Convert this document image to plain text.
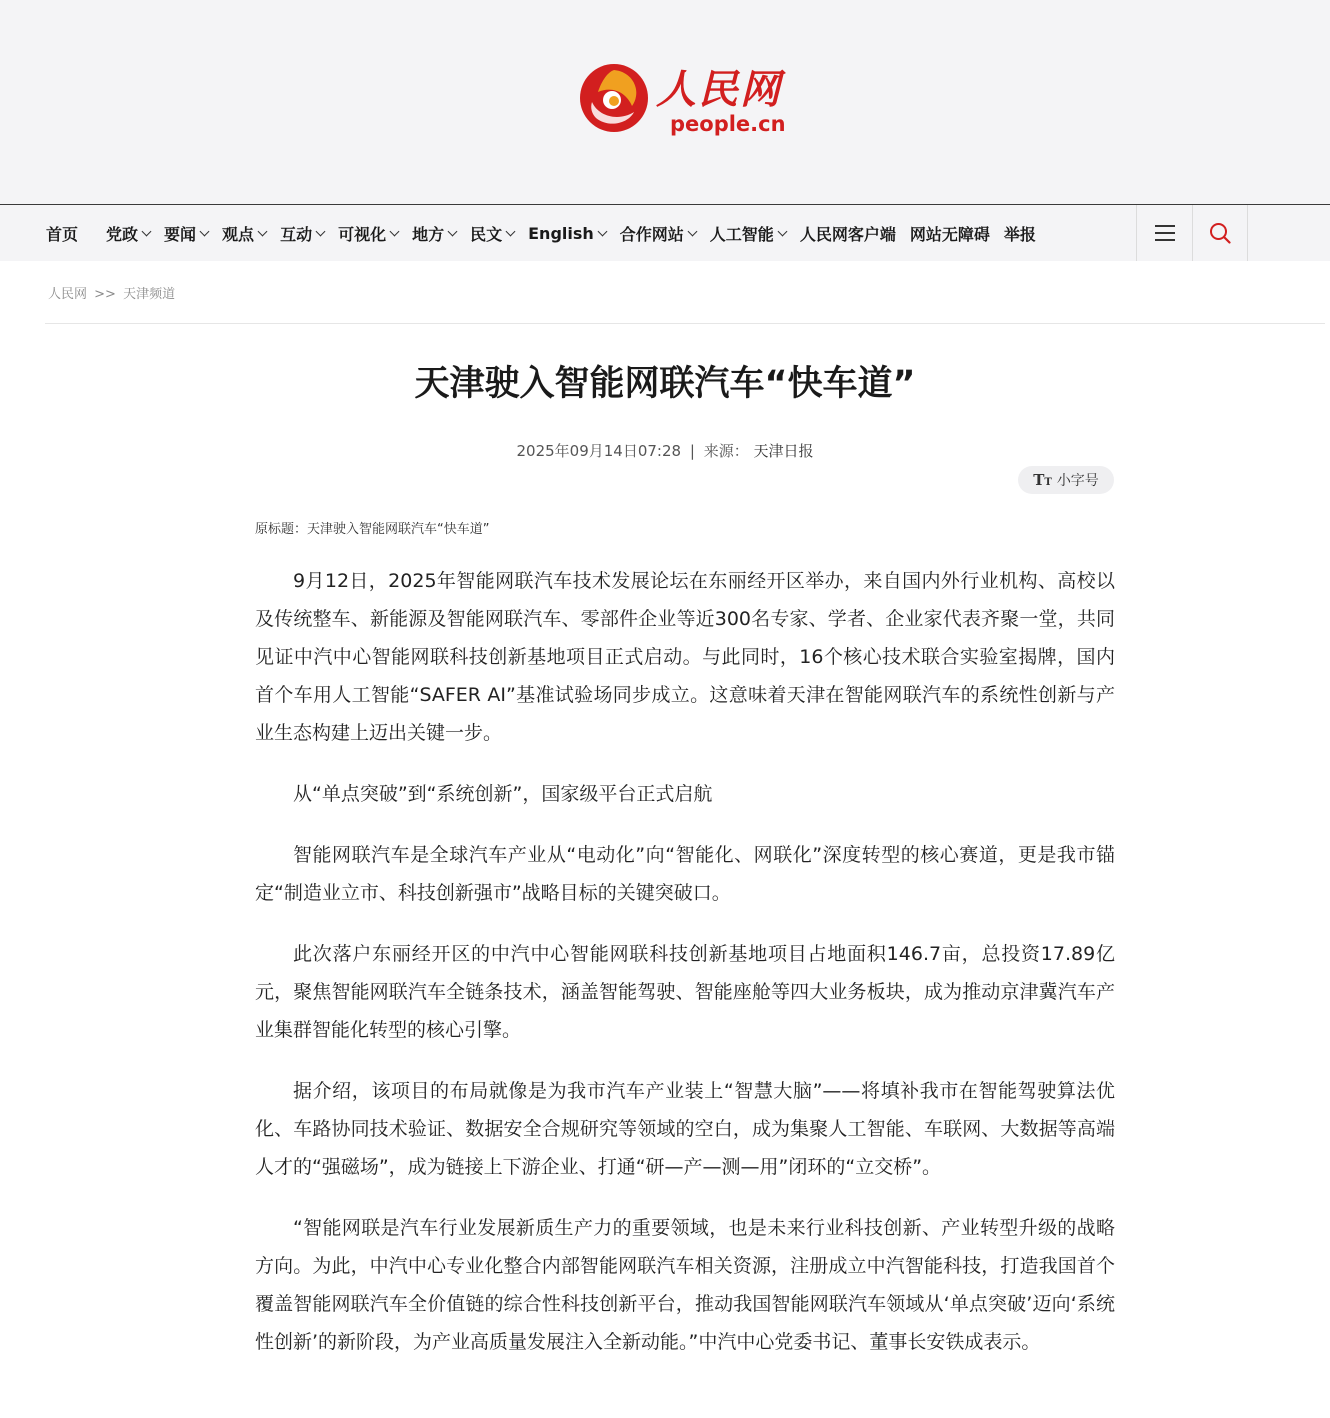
人民网
people.cn
首页 党政 要闻 观点 互动 可视化 地方 民文 English 合作网站 人工智能 人民网客户端 网站无障碍 举报
人民网 >> 天津频道
天津驶入智能网联汽车“快车道”
2025年09月14日07:28 | 来源： 天津日报
TT 小字号
原标题：天津驶入智能网联汽车“快车道”

9月12日，2025年智能网联汽车技术发展论坛在东丽经开区举办，来自国内外行业机构、高校以及传统整车、新能源及智能网联汽车、零部件企业等近300名专家、学者、企业家代表齐聚一堂，共同见证中汽中心智能网联科技创新基地项目正式启动。与此同时，16个核心技术联合实验室揭牌，国内首个车用人工智能“SAFER AI”基准试验场同步成立。这意味着天津在智能网联汽车的系统性创新与产业生态构建上迈出关键一步。

从“单点突破”到“系统创新”，国家级平台正式启航

智能网联汽车是全球汽车产业从“电动化”向“智能化、网联化”深度转型的核心赛道，更是我市锚定“制造业立市、科技创新强市”战略目标的关键突破口。

此次落户东丽经开区的中汽中心智能网联科技创新基地项目占地面积146.7亩，总投资17.89亿元，聚焦智能网联汽车全链条技术，涵盖智能驾驶、智能座舱等四大业务板块，成为推动京津冀汽车产业集群智能化转型的核心引擎。

据介绍，该项目的布局就像是为我市汽车产业装上“智慧大脑”——将填补我市在智能驾驶算法优化、车路协同技术验证、数据安全合规研究等领域的空白，成为集聚人工智能、车联网、大数据等高端人才的“强磁场”，成为链接上下游企业、打通“研—产—测—用”闭环的“立交桥”。

“智能网联是汽车行业发展新质生产力的重要领域，也是未来行业科技创新、产业转型升级的战略方向。为此，中汽中心专业化整合内部智能网联汽车相关资源，注册成立中汽智能科技，打造我国首个覆盖智能网联汽车全价值链的综合性科技创新平台，推动我国智能网联汽车领域从‘单点突破’迈向‘系统性创新’的新阶段，为产业高质量发展注入全新动能。”中汽中心党委书记、董事长安铁成表示。
